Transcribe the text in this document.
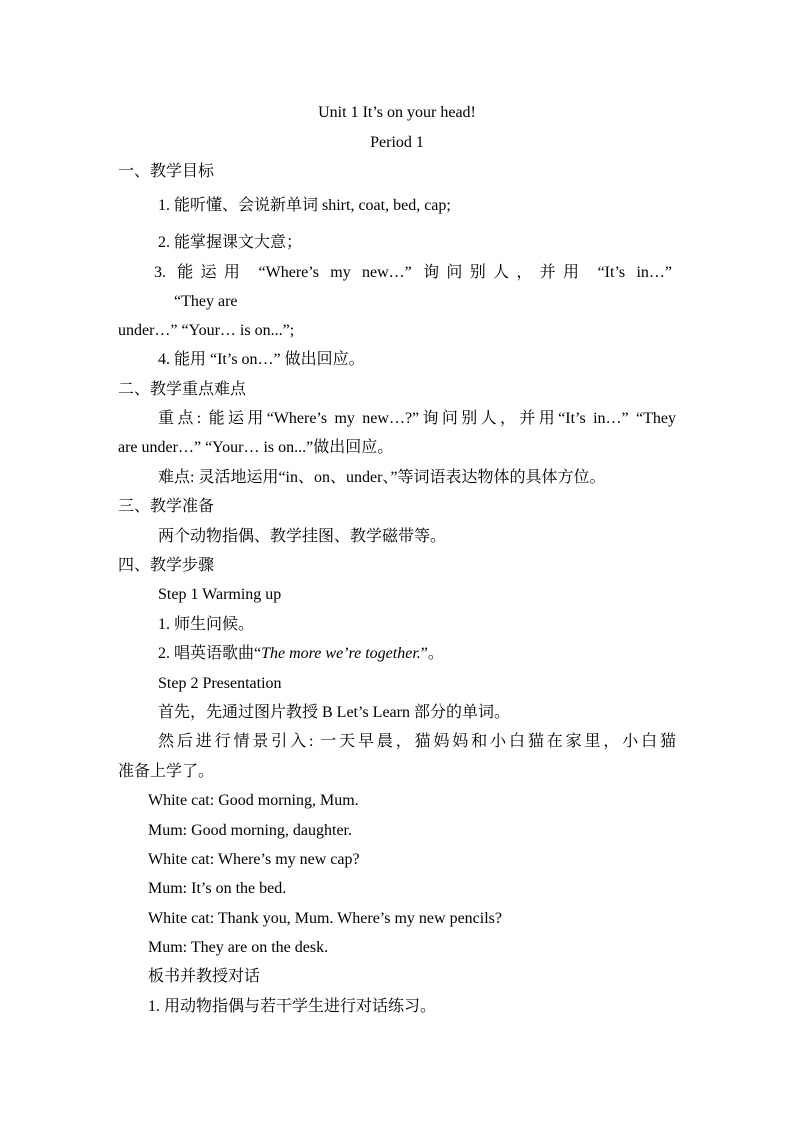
Unit 1 It’s on your head!
Period 1
一、教学目标
1. 能听懂、会说新单词 shirt, coat, bed, cap;
2. 能掌握课文大意；
3. 能运用 “Where’s my new…” 询问别人，并用 “It’s in…”
“They are
under…” “Your… is on...”;
4. 能用 “It’s on…” 做出回应。
二、教学重点难点
重点: 能运用“Where’s my new…?”询问别人，并用“It’s in…” “They
are under…” “Your… is on...”做出回应。
难点: 灵活地运用“in、on、under、”等词语表达物体的具体方位。
三、教学准备
两个动物指偶、教学挂图、教学磁带等。
四、教学步骤
Step 1 Warming up
1. 师生问候。
2. 唱英语歌曲“The more we’re together.”。
Step 2 Presentation
首先，先通过图片教授 B Let’s Learn 部分的单词。
然后进行情景引入: 一天早晨，猫妈妈和小白猫在家里，小白猫
准备上学了。
White cat: Good morning, Mum.
Mum: Good morning, daughter.
White cat: Where’s my new cap?
Mum: It’s on the bed.
White cat: Thank you, Mum. Where’s my new pencils?
Mum: They are on the desk.
板书并教授对话
1. 用动物指偶与若干学生进行对话练习。
